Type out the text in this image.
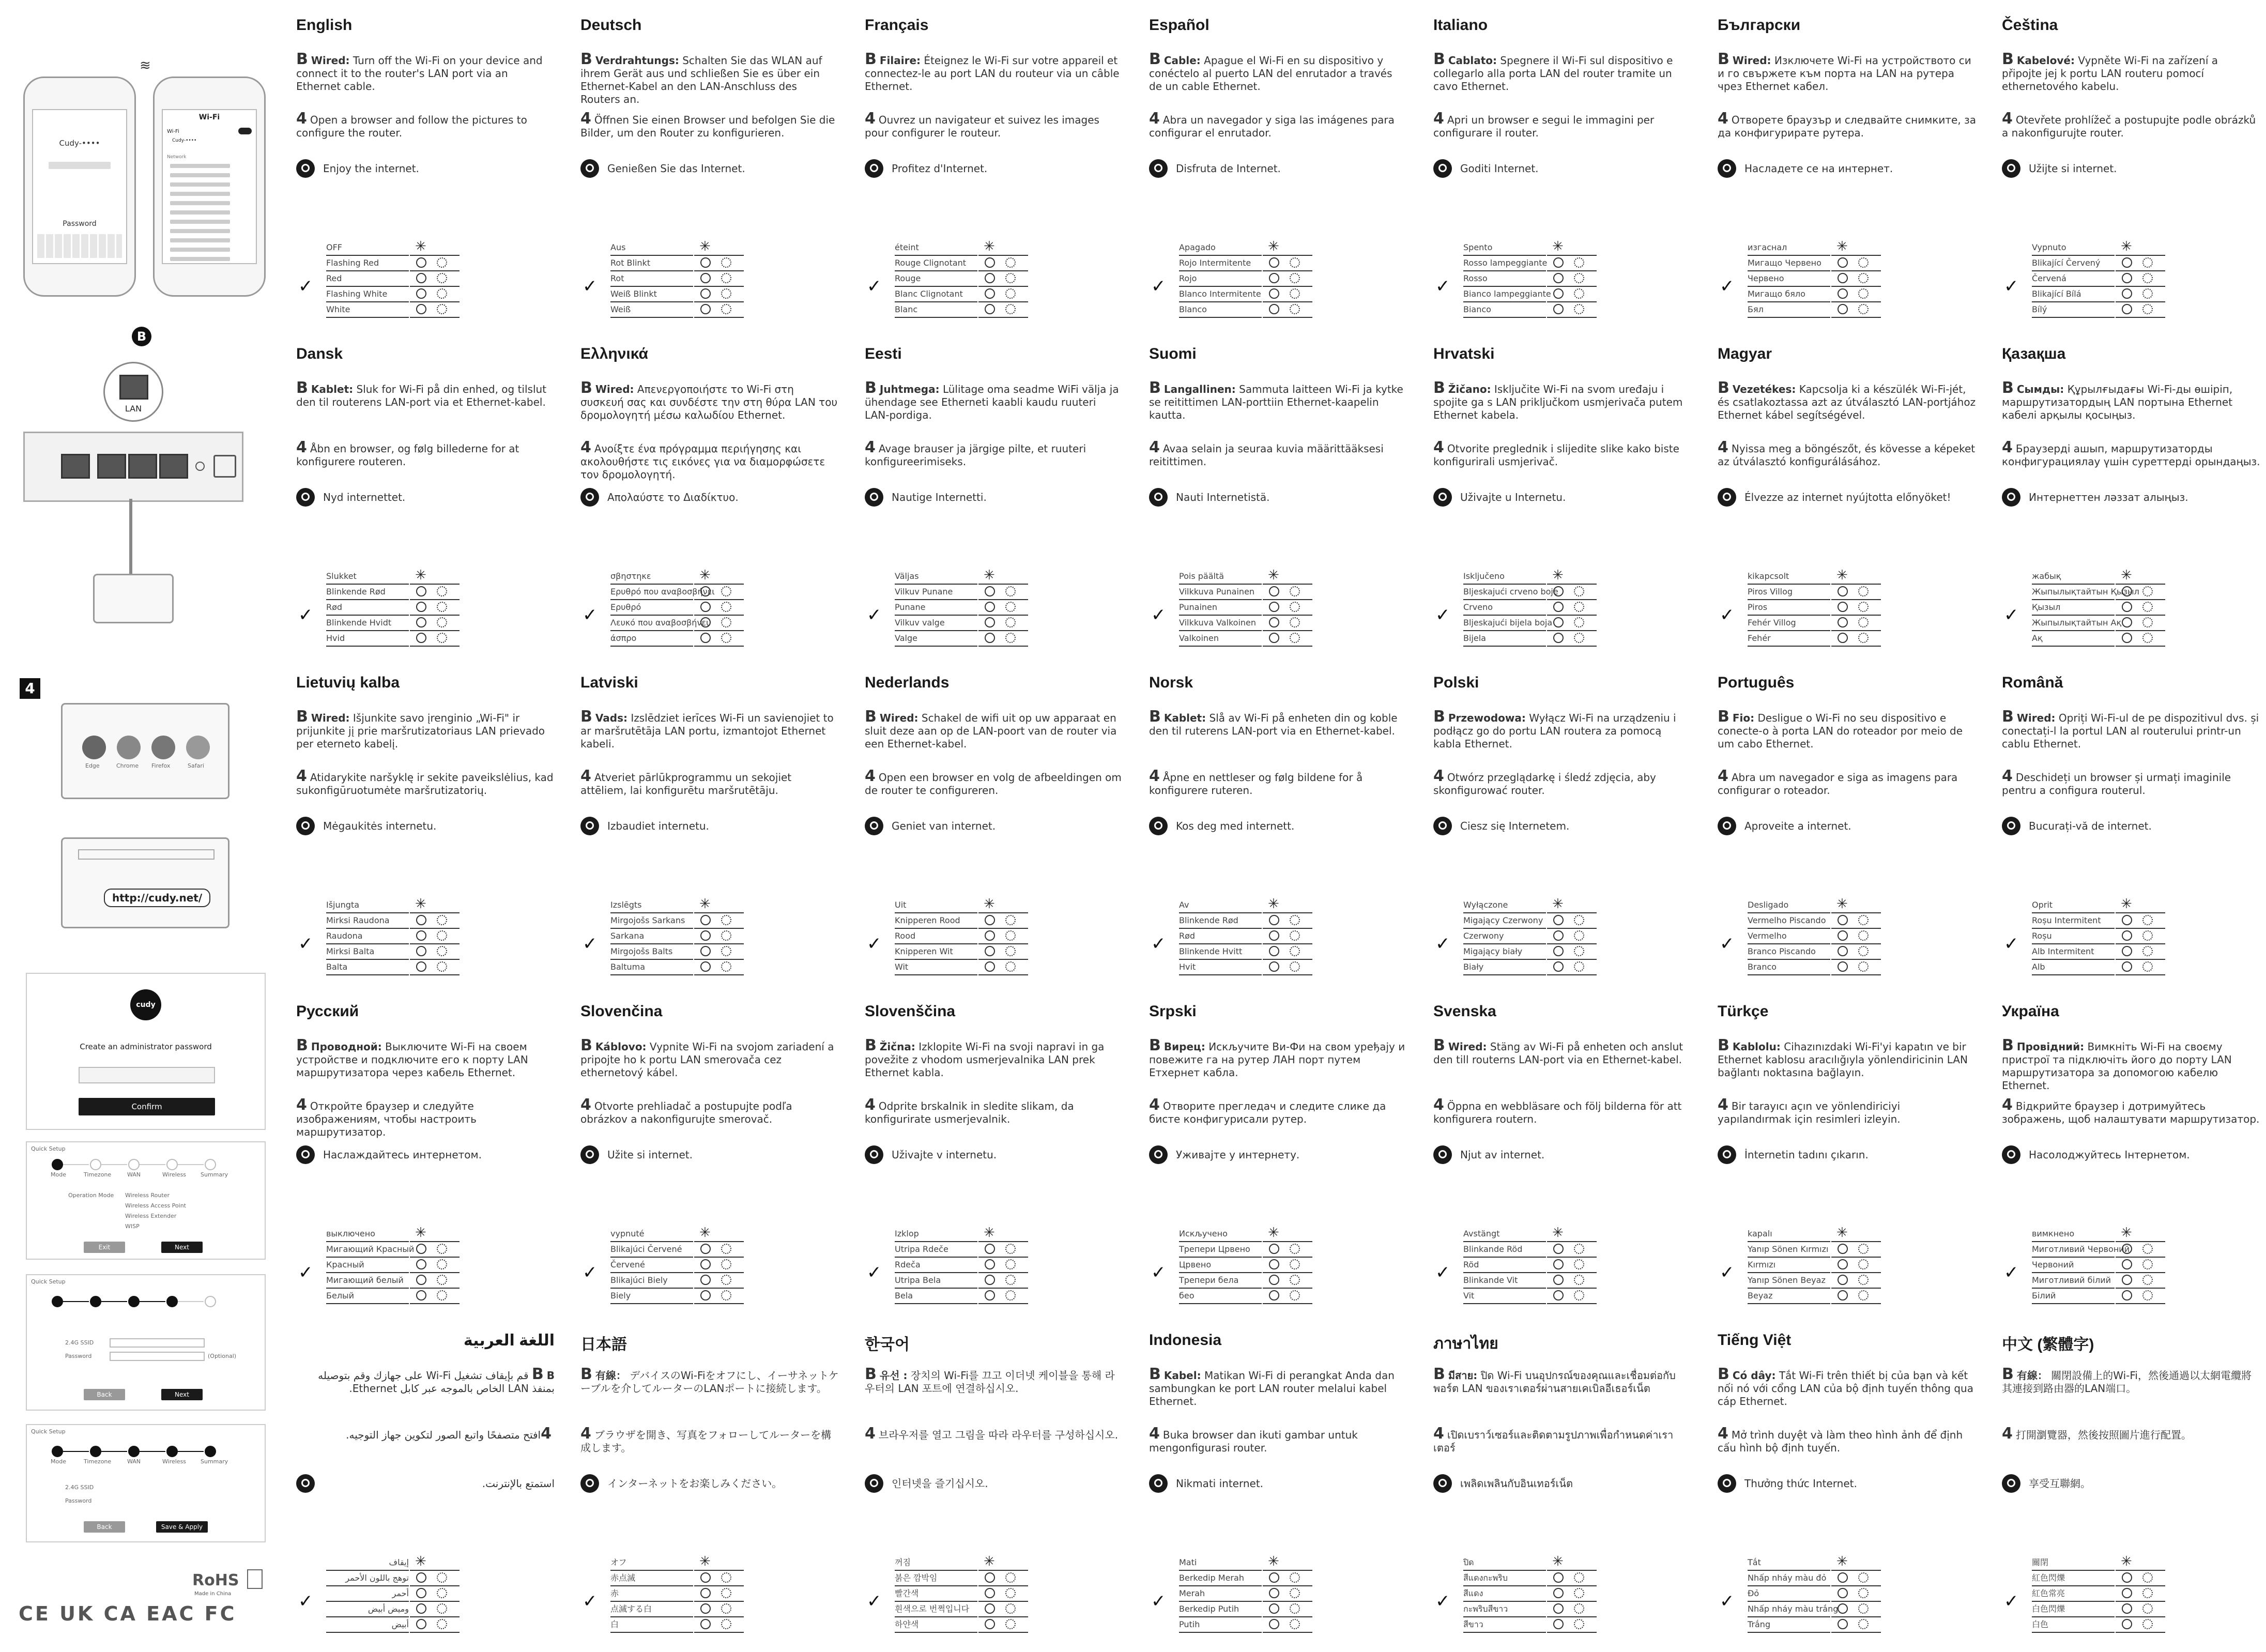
Cudy-••••
Password
≋
Wi-Fi
Wi-Fi
Cudy-••••
Network
B
LAN
4
Edge	Chrome Firefox	Safari
http://cudy.net/
cudy
Create an administrator password
Confirm
Quick Setup
Mode	Timezone	WAN	Wireless	Summary
Operation Mode Wireless Router
Wireless Access Point
Wireless Extender
WISP
Exit	Next
Quick Setup
2.4G SSID
Password	(Optional)
Back	Next
Quick Setup
Mode	Timezone	WAN	Wireless	Summary
2.4G SSID
Password
Back	Save & Apply
RoHS
Made in China
CE UK CA EAC FC
English
B Wired: Turn off the Wi-Fi on your device and connect it to the router's LAN port via an Ethernet cable.
4 Open a browser and follow the pictures to configure the router.
Enjoy the internet.
OFF	✳
Flashing Red
Red
Flashing White
White
✓
Deutsch
B Verdrahtungs: Schalten Sie das WLAN auf ihrem Gerät aus und schließen Sie es über ein Ethernet-Kabel an den LAN-Anschluss des Routers an.
4 Öffnen Sie einen Browser und befolgen Sie die Bilder, um den Router zu konfigurieren.
Genießen Sie das Internet.
Aus	✳
Rot Blinkt
Rot
Weiß Blinkt
Weiß
✓
Français
B Filaire: Éteignez le Wi-Fi sur votre appareil et connectez-le au port LAN du routeur via un câble Ethernet.
4 Ouvrez un navigateur et suivez les images pour configurer le routeur.
Profitez d'Internet.
éteint	✳
Rouge Clignotant
Rouge
Blanc Clignotant
Blanc
✓
Español
B Cable: Apague el Wi-Fi en su dispositivo y conéctelo al puerto LAN del enrutador a través de un cable Ethernet.
4 Abra un navegador y siga las imágenes para configurar el enrutador.
Disfruta de Internet.
Apagado	✳
Rojo Intermitente
Rojo
Blanco Intermitente
Blanco
✓
Italiano
B Cablato: Spegnere il Wi-Fi sul dispositivo e collegarlo alla porta LAN del router tramite un cavo Ethernet.
4 Apri un browser e segui le immagini per configurare il router.
Goditi Internet.
Spento	✳
Rosso lampeggiante
Rosso
Bianco lampeggiante
Bianco
✓
Български
B Wired: Изключете Wi-Fi на устройството си и го свържете към порта на LAN на рутера чрез Ethernet кабел.
4 Отворете браузър и следвайте снимките, за да конфигурирате рутера.
Насладете се на интернет.
изгаснал	✳
Мигащо Червено
Червено
Мигащо бяло
Бял
✓
Čeština
B Kabelové: Vypněte Wi-Fi na zařízení a připojte jej k portu LAN routeru pomocí ethernetového kabelu.
4 Otevřete prohlížeč a postupujte podle obrázků a nakonfigurujte router.
Užijte si internet.
Vypnuto	✳
Blikající Červený
Červená
Blikající Bílá
Bílý
✓
Dansk
B Kablet: Sluk for Wi-Fi på din enhed, og tilslut den til routerens LAN-port via et Ethernet-kabel.
4 Åbn en browser, og følg billederne for at konfigurere routeren.
Nyd internettet.
Slukket	✳
Blinkende Rød
Rød
Blinkende Hvidt
Hvid
✓
Ελληνικά
B Wired: Απενεργοποιήστε το Wi-Fi στη συσκευή σας και συνδέστε την στη θύρα LAN του δρομολογητή μέσω καλωδίου Ethernet.
4 Ανοίξτε ένα πρόγραμμα περιήγησης και ακολουθήστε τις εικόνες για να διαμορφώσετε τον δρομολογητή.
Απολαύστε το Διαδίκτυο.
σβηστηκε	✳
Ερυθρό που αναβοσβήνει
Ερυθρό
Λευκό που αναβοσβήνει
άσπρο
✓
Eesti
B Juhtmega: Lülitage oma seadme WiFi välja ja ühendage see Etherneti kaabli kaudu ruuteri LAN-pordiga.
4 Avage brauser ja järgige pilte, et ruuteri konfigureerimiseks.
Nautige Internetti.
Väljas	✳
Vilkuv Punane
Punane
Vilkuv valge
Valge
✓
Suomi
B Langallinen: Sammuta laitteen Wi-Fi ja kytke se reitittimen LAN-porttiin Ethernet-kaapelin kautta.
4 Avaa selain ja seuraa kuvia määrittääksesi reitittimen.
Nauti Internetistä.
Pois päältä	✳
Vilkkuva Punainen
Punainen
Vilkkuva Valkoinen
Valkoinen
✓
Hrvatski
B Žičano: Isključite Wi-Fi na svom uređaju i spojite ga s LAN priključkom usmjerivača putem Ethernet kabela.
4 Otvorite preglednik i slijedite slike kako biste konfigurirali usmjerivač.
Uživajte u Internetu.
Isključeno	✳
Bljeskajući crveno boje
Crveno
Bljeskajući bijela boja
Bijela
✓
Magyar
B Vezetékes: Kapcsolja ki a készülék Wi-Fi-jét, és csatlakoztassa azt az útválasztó LAN-portjához Ethernet kábel segítségével.
4 Nyissa meg a böngészőt, és kövesse a képeket az útválasztó konfigurálásához.
Élvezze az internet nyújtotta előnyöket!
kikapcsolt	✳
Piros Villog
Piros
Fehér Villog
Fehér
✓
Қазақша
B Сымды: Құрылғыдағы Wi-Fi-ды өшіріп, маршрутизатордың LAN портына Ethernet кабелі арқылы қосыңыз.
4 Браузерді ашып, маршрутизаторды конфигурациялау үшін суреттерді орындаңыз.
Интернеттен ләззат алыңыз.
жабық	✳
Жыпылықтайтын Қызыл
Қызыл
Жыпылықтайтын Ақ
Ақ
✓
Lietuvių kalba
B Wired: Išjunkite savo įrenginio „Wi-Fi" ir prijunkite jį prie maršrutizatoriaus LAN prievado per eterneto kabelį.
4 Atidarykite naršyklę ir sekite paveikslėlius, kad sukonfigūruotumėte maršrutizatorių.
Mėgaukitės internetu.
Išjungta	✳
Mirksi Raudona
Raudona
Mirksi Balta
Balta
✓
Latviski
B Vads: Izslēdziet ierīces Wi-Fi un savienojiet to ar maršrutētāja LAN portu, izmantojot Ethernet kabeli.
4 Atveriet pārlūkprogrammu un sekojiet attēliem, lai konfigurētu maršrutētāju.
Izbaudiet internetu.
Izslēgts	✳
Mirgojošs Sarkans
Sarkana
Mirgojošs Balts
Baltuma
✓
Nederlands
B Wired: Schakel de wifi uit op uw apparaat en sluit deze aan op de LAN-poort van de router via een Ethernet-kabel.
4 Open een browser en volg de afbeeldingen om de router te configureren.
Geniet van internet.
Uit	✳
Knipperen Rood
Rood
Knipperen Wit
Wit
✓
Norsk
B Kablet: Slå av Wi-Fi på enheten din og koble den til ruterens LAN-port via en Ethernet-kabel.
4 Åpne en nettleser og følg bildene for å konfigurere ruteren.
Kos deg med internett.
Av	✳
Blinkende Rød
Rød
Blinkende Hvitt
Hvit
✓
Polski
B Przewodowa: Wyłącz Wi-Fi na urządzeniu i podłącz go do portu LAN routera za pomocą kabla Ethernet.
4 Otwórz przeglądarkę i śledź zdjęcia, aby skonfigurować router.
Ciesz się Internetem.
Wyłączone	✳
Migający Czerwony
Czerwony
Migający biały
Biały
✓
Português
B Fio: Desligue o Wi-Fi no seu dispositivo e conecte-o à porta LAN do roteador por meio de um cabo Ethernet.
4 Abra um navegador e siga as imagens para configurar o roteador.
Aproveite a internet.
Desligado	✳
Vermelho Piscando
Vermelho
Branco Piscando
Branco
✓
Română
B Wired: Opriți Wi-Fi-ul de pe dispozitivul dvs. și conectați-l la portul LAN al routerului printr-un cablu Ethernet.
4 Deschideți un browser și urmați imaginile pentru a configura routerul.
Bucurați-vă de internet.
Oprit	✳
Roșu Intermitent
Roșu
Alb Intermitent
Alb
✓
Русский
B Проводной: Выключите Wi-Fi на своем устройстве и подключите его к порту LAN маршрутизатора через кабель Ethernet.
4 Откройте браузер и следуйте изображениям, чтобы настроить маршрутизатор.
Наслаждайтесь интернетом.
выключено	✳
Мигающий Красный
Красный
Мигающий белый
Белый
✓
Slovenčina
B Káblovo: Vypnite Wi-Fi na svojom zariadení a pripojte ho k portu LAN smerovača cez ethernetový kábel.
4 Otvorte prehliadač a postupujte podľa obrázkov a nakonfigurujte smerovač.
Užite si internet.
vypnuté	✳
Blikajúci Červené
Červené
Blikajúci Biely
Biely
✓
Slovenščina
B Žična: Izklopite Wi-Fi na svoji napravi in ga povežite z vhodom usmerjevalnika LAN prek Ethernet kabla.
4 Odprite brskalnik in sledite slikam, da konfigurirate usmerjevalnik.
Uživajte v internetu.
Izklop	✳
Utripa Rdeče
Rdeča
Utripa Bela
Bela
✓
Srpski
B Вирец: Искључите Ви-Фи на свом уређају и повежите га на рутер ЛАН порт путем Етхернет кабла.
4 Отворите прегледач и следите слике да бисте конфигурисали рутер.
Уживајте у интернету.
Искључено	✳
Трепери Црвено
Црвено
Трепери бела
бео
✓
Svenska
B Wired: Stäng av Wi-Fi på enheten och anslut den till routerns LAN-port via en Ethernet-kabel.
4 Öppna en webbläsare och följ bilderna för att konfigurera routern.
Njut av internet.
Avstängt	✳
Blinkande Röd
Röd
Blinkande Vit
Vit
✓
Türkçe
B Kablolu: Cihazınızdaki Wi-Fi'yi kapatın ve bir Ethernet kablosu aracılığıyla yönlendiricinin LAN bağlantı noktasına bağlayın.
4 Bir tarayıcı açın ve yönlendiriciyi yapılandırmak için resimleri izleyin.
İnternetin tadını çıkarın.
kapalı	✳
Yanıp Sönen Kırmızı
Kırmızı
Yanıp Sönen Beyaz
Beyaz
✓
Україна
B Провідний: Вимкніть Wi-Fi на своєму пристрої та підключіть його до порту LAN маршрутизатора за допомогою кабелю Ethernet.
4 Відкрийте браузер і дотримуйтесь зображень, щоб налаштувати маршрутизатор.
Насолоджуйтесь Інтернетом.
вимкнено	✳
Миготливий Червоний
Червоний
Миготливий білий
Білий
✓
اللغة العربية
B B قم بإيقاف تشغيل Wi-Fi على جهازك وقم بتوصيله بمنفذ LAN الخاص بالموجه عبر كابل Ethernet.
4افتح متصفحًا واتبع الصور لتكوين جهاز التوجيه.
استمتع بالإنترنت.
إيقاف ✳
توهج باللون الأحمر
أحمر
وميض أبيض
أبيض
✓
日本語
B有線： デバイスのWi-Fiをオフにし、イーサネットケーブルを介してルーターのLANポートに接続します。
4 ブラウザを開き、写真をフォローしてルーターを構成します。
インターネットをお楽しみください。
オフ	✳
赤点滅
赤
点滅する白
白
✓
한국어
B유선 : 장치의 Wi-Fi를 끄고 이더넷 케이블을 통해 라우터의 LAN 포트에 연결하십시오.
4 브라우저를 열고 그림을 따라 라우터를 구성하십시오.
인터넷을 즐기십시오.
꺼짐	✳
붉은 깜박임
빨간색
흰색으로 번쩍입니다
하얀색
✓
Indonesia
B Kabel: Matikan Wi-Fi di perangkat Anda dan sambungkan ke port LAN router melalui kabel Ethernet.
4 Buka browser dan ikuti gambar untuk mengonfigurasi router.
Nikmati internet.
Mati	✳
Berkedip Merah
Merah
Berkedip Putih
Putih
✓
ภาษาไทย
Bมีสาย: ปิด Wi-Fi บนอุปกรณ์ของคุณและเชื่อมต่อกับพอร์ต LAN ของเราเตอร์ผ่านสายเคเบิลอีเธอร์เน็ต
4 เปิดเบราว์เซอร์และติดตามรูปภาพเพื่อกำหนดค่าเราเตอร์
เพลิดเพลินกับอินเทอร์เน็ต
ปิด	✳
สีแดงกะพริบ
สีแดง
กะพริบสีขาว
สีขาว
✓
Tiếng Việt
B Có dây: Tắt Wi-Fi trên thiết bị của bạn và kết nối nó với cổng LAN của bộ định tuyến thông qua cáp Ethernet.
4 Mở trình duyệt và làm theo hình ảnh để định cấu hình bộ định tuyến.
Thưởng thức Internet.
Tắt	✳
Nhấp nháy màu đỏ
Đỏ
Nhấp nháy màu trắng
Trắng
✓
中文 (繁體字)
B有線： 關閉設備上的Wi-Fi，然後通過以太網電纜將其連接到路由器的LAN端口。
4 打開瀏覽器，然後按照圖片進行配置。
享受互聯網。
關閉	✳
紅色閃爍
紅色常亮
白色閃爍
白色
✓
